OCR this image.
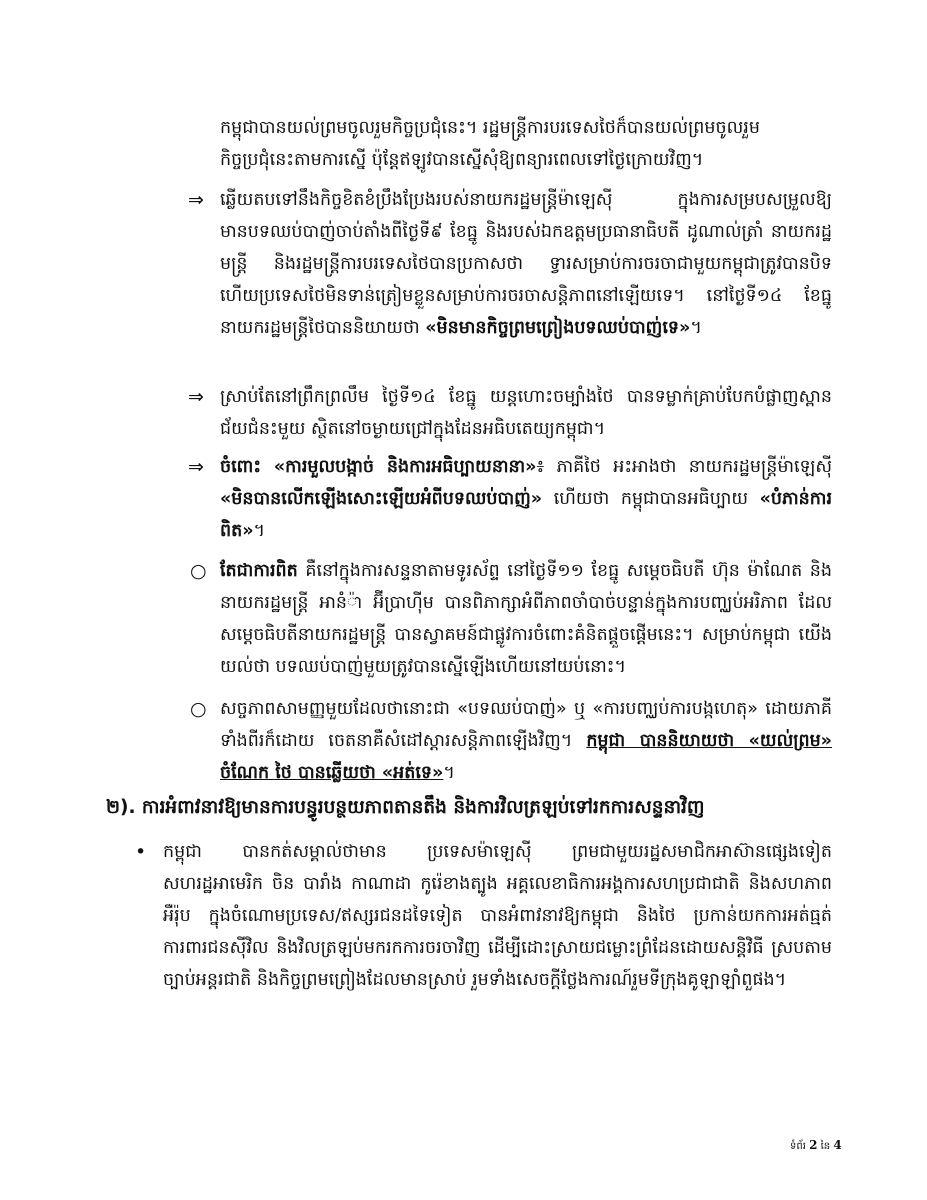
កម្ពុជាបានយល់ព្រមចូលរួមកិច្ចប្រជុំនេះ។ រដ្ឋមន្ត្រីការបរទេសថៃក៏បានយល់ព្រមចូលរួម
កិច្ចប្រជុំនេះតាមការស្នើ ប៉ុន្តែឥឡូវបានស្នើសុំឱ្យពន្យារពេលទៅថ្ងៃក្រោយវិញ។

⇒ ឆ្លើយតបទៅនឹងកិច្ចខិតខំប្រឹងប្រែងរបស់នាយករដ្ឋមន្ត្រីម៉ាឡេស៊ី ក្នុងការសម្របសម្រួលឱ្យមានបទឈប់បាញ់ចាប់តាំងពីថ្ងៃទី៩ ខែធ្នូ និងរបស់ឯកឧត្តមប្រធានាធិបតី ដូណាល់ត្រាំ នាយករដ្ឋមន្ត្រី និងរដ្ឋមន្ត្រីការបរទេសថៃបានប្រកាសថា ទ្វារសម្រាប់ការចរចាជាមួយកម្ពុជាត្រូវបានបិទ ហើយប្រទេសថៃមិនទាន់ត្រៀមខ្លួនសម្រាប់ការចរចាសន្តិភាពនៅឡើយទេ។ នៅថ្ងៃទី១៤ ខែធ្នូ នាយករដ្ឋមន្ត្រីថៃបាននិយាយថា «មិនមានកិច្ចព្រមព្រៀងបទឈប់បាញ់ទេ»។

⇒ ស្រាប់តែនៅព្រឹកព្រលឹម ថ្ងៃទី១៤ ខែធ្នូ យន្តហោះចម្បាំងថៃ បានទម្លាក់គ្រាប់បែកបំផ្លាញស្ពានជ័យជំនះមួយ ស្ថិតនៅចម្ងាយជ្រៅក្នុងដែនអធិបតេយ្យកម្ពុជា។

⇒ ចំពោះ «ការមួលបង្កាច់ និងការអធិប្បាយនានា»៖ ភាគីថៃ អះអាងថា នាយករដ្ឋមន្ត្រីម៉ាឡេស៊ី «មិនបានលើកឡើងសោះឡើយអំពីបទឈប់បាញ់» ហើយថា កម្ពុជាបានអធិប្បាយ «បំភាន់ការពិត»។

○ តែជាការពិត គឺនៅក្នុងការសន្ទនាតាមទូរស័ព្ទ នៅថ្ងៃទី១១ ខែធ្នូ សម្តេចធិបតី ហ៊ុន ម៉ាណែត និងនាយករដ្ឋមន្ត្រី អានំ៉ា អ៊ីប្រាហ៊ីម បានពិភាក្សាអំពីភាពចាំបាច់បន្ទាន់ក្នុងការបញ្ឈប់អរិភាព ដែល សម្តេចធិបតីនាយករដ្ឋមន្ត្រី បានស្វាគមន៍ជាផ្លូវការចំពោះគំនិតផ្តួចផ្តើមនេះ។ សម្រាប់កម្ពុជា យើងយល់ថា បទឈប់បាញ់មួយត្រូវបានស្នើឡើងហើយនៅយប់នោះ។

○ សច្ចភាពសាមញ្ញមួយដែលថានោះជា «បទឈប់បាញ់» ឬ «ការបញ្ឈប់ការបង្កហេតុ» ដោយភាគីទាំងពីរក៏ដោយ ចេតនាគឺសំដៅស្តារសន្តិភាពឡើងវិញ។ កម្ពុជា បាននិយាយថា «យល់ព្រម» ចំណែក ថៃ បានឆ្លើយថា «អត់ទេ»។

២). ការអំពាវនាវឱ្យមានការបន្ធូរបន្ថយភាពតានតឹង និងការវិលត្រឡប់ទៅរកការសន្ទនាវិញ

• កម្ពុជា បានកត់សម្គាល់ថាមាន ប្រទេសម៉ាឡេស៊ី ព្រមជាមួយរដ្ឋសមាជិកអាស៊ានផ្សេងទៀត សហរដ្ឋអាមេរិក ចិន បារាំង កាណាដា កូរ៉េខាងត្បូង អគ្គលេខាធិការអង្គការសហប្រជាជាតិ និងសហភាពអឺរ៉ុប ក្នុងចំណោមប្រទេស/ឥស្សរជនដទៃទៀត បានអំពាវនាវឱ្យកម្ពុជា និងថៃ ប្រកាន់យកការអត់ធ្មត់ ការពារជនស៊ីវិល និងវិលត្រឡប់មករកការចរចាវិញ ដើម្បីដោះស្រាយជម្លោះព្រំដែនដោយសន្តិវិធី ស្របតាមច្បាប់អន្តរជាតិ និងកិច្ចព្រមព្រៀងដែលមានស្រាប់ រួមទាំងសេចក្តីថ្លែងការណ៍រួមទីក្រុងគូឡាឡាំពួផង។

ទំព័រ 2 នៃ 4
